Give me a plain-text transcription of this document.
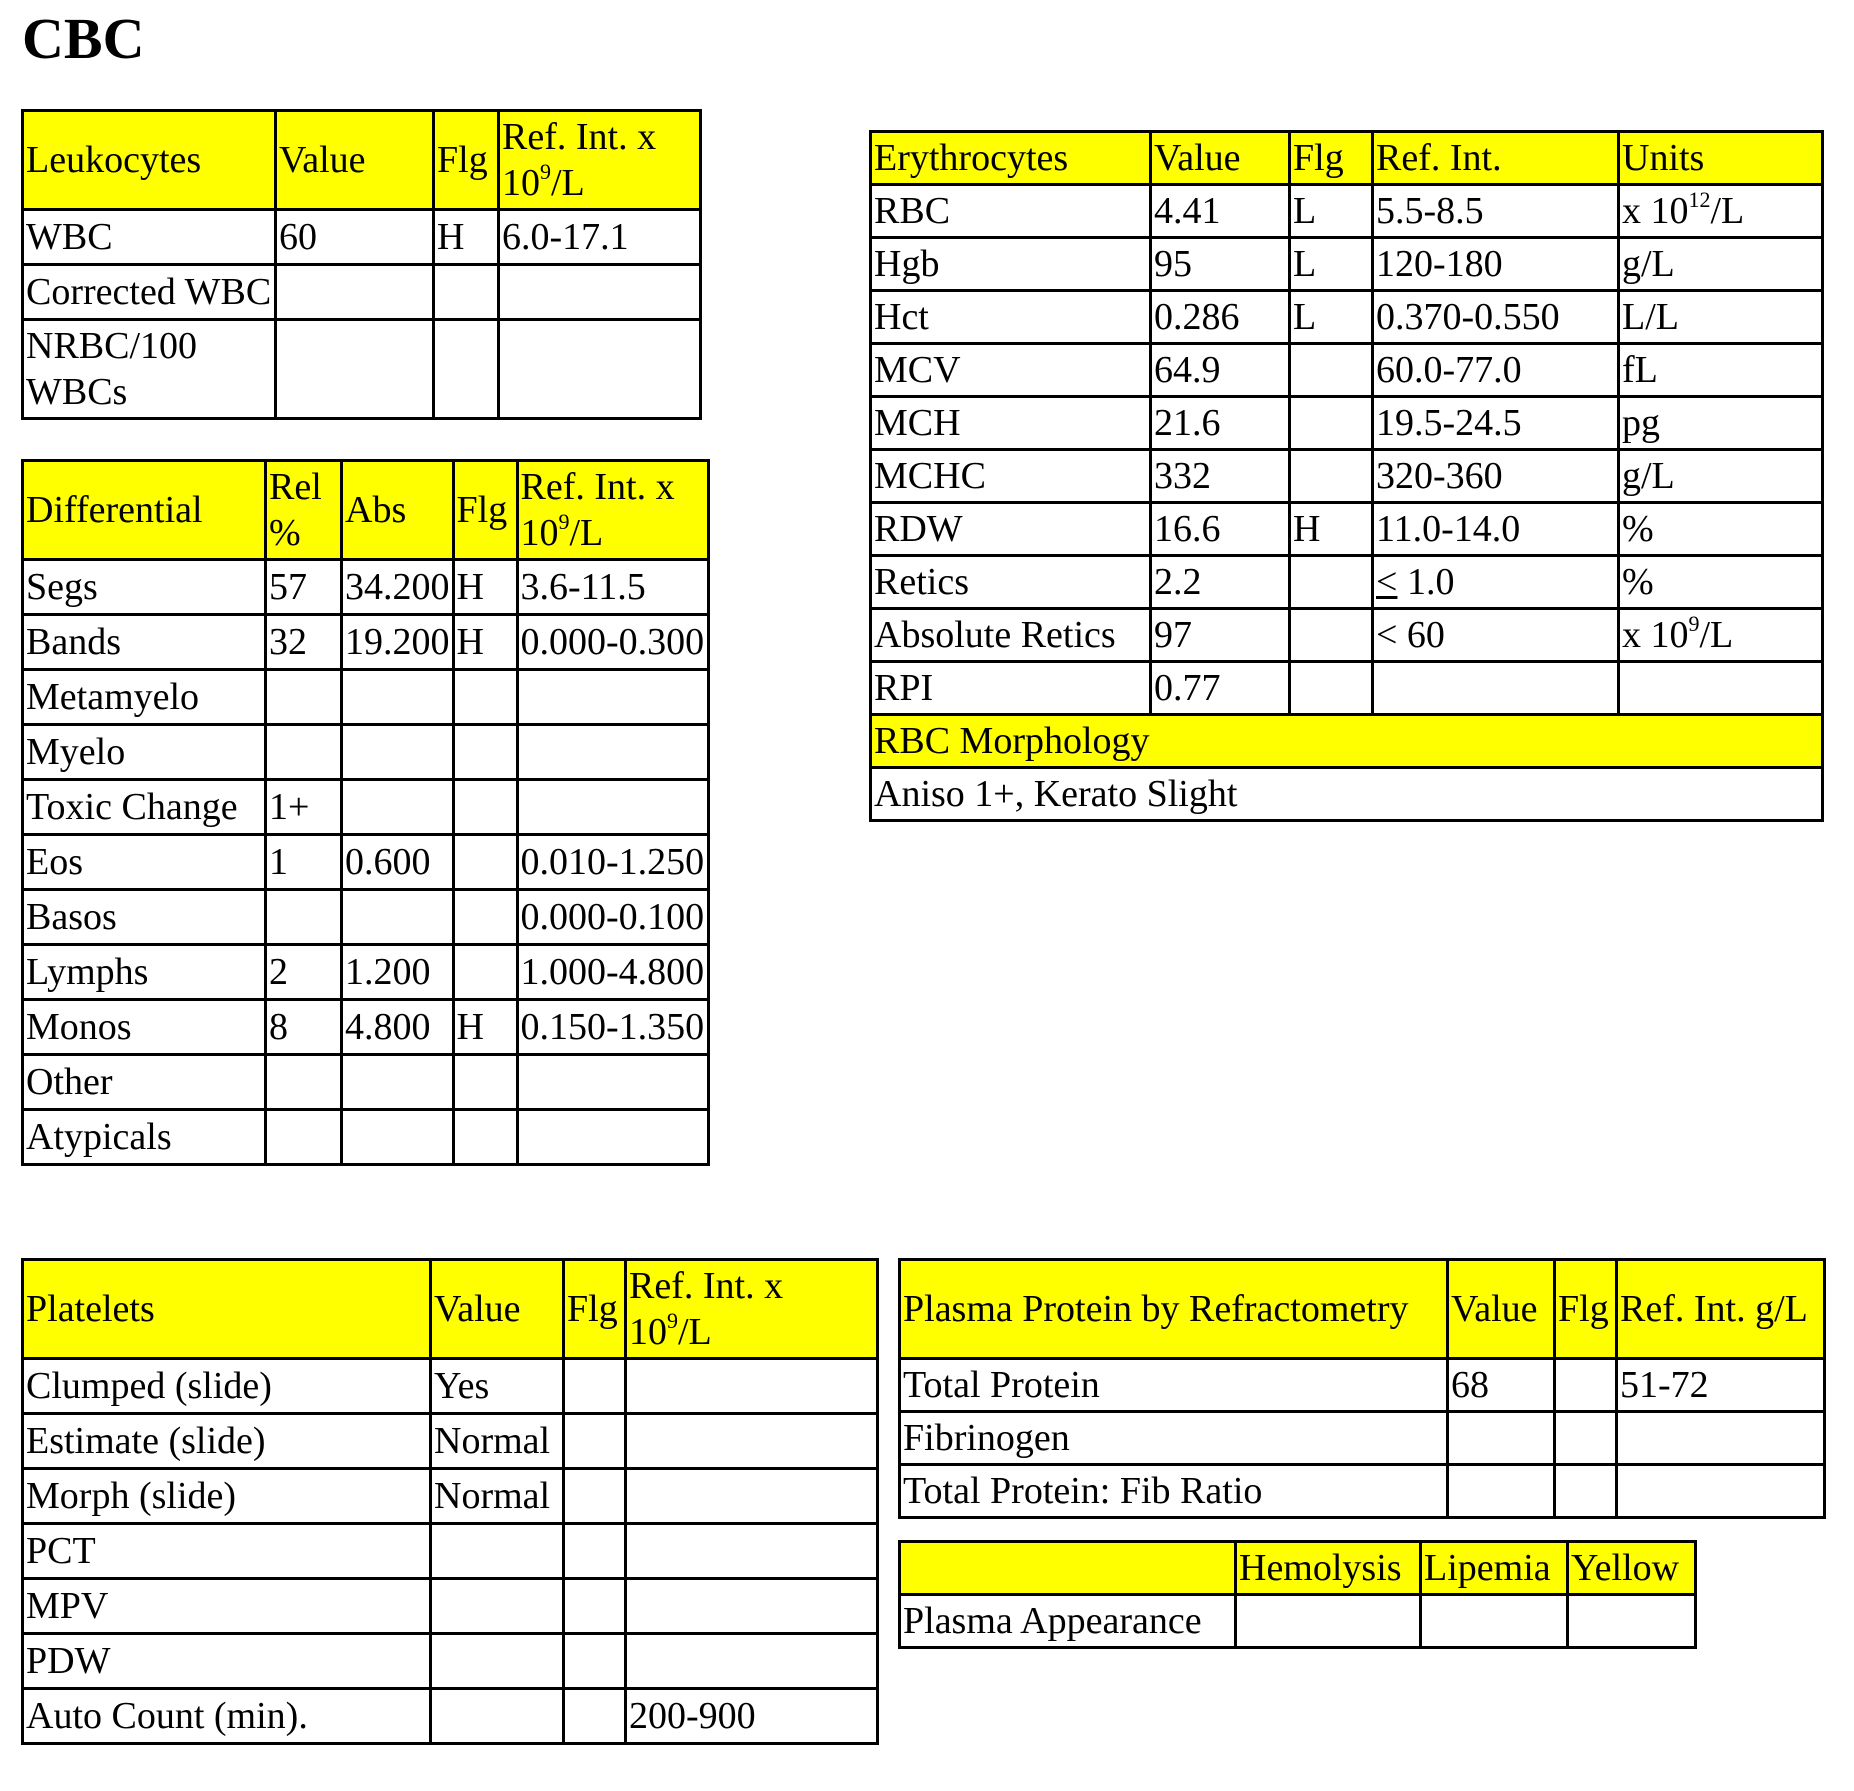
CBC
Leukocytes	Value	Flg	Ref. Int. x $10^9/L$
WBC	60	H	6.0-17.1
Corrected WBC			
NRBC/100 WBCs			
Differential	Rel %	Abs	Flg	Ref. Int. x $10^9/L$
Segs	57	34.200	H	3.6-11.5
Bands	32	19.200	H	0.000-0.300
Metamyelo				
Myelo				
Toxic Change	1+			
Eos	1	0.600		0.010-1.250
Basos				0.000-0.100
Lymphs	2	1.200		1.000-4.800
Monos	8	4.800	H	0.150-1.350
Other				
Atypicals				
Erythrocytes	Value	Flg	Ref. Int.	Units
RBC	4.41	L	5.5-8.5	x $10^{12}/L$
Hgb	95	L	120-180	g/L
Hct	0.286	L	0.370-0.550	L/L
MCV	64.9		60.0-77.0	fL
MCH	21.6		19.5-24.5	pg
MCHC	332		320-360	g/L
RDW	16.6	H	11.0-14.0	%
Retics	2.2		≤ 1.0	%
Absolute Retics	97		< 60	x $10^9/L$
RPI	0.77			
RBC Morphology				
Aniso 1+, Kerato Slight				
Platelets	Value	Flg	Ref. Int. x $10^9/L$
Clumped (slide)	Yes		
Estimate (slide)	Normal		
Morph (slide)	Normal		
PCT			
MPV			
PDW			
Auto Count (min).			200-900
Plasma Protein by Refractometry	Value	Flg	Ref. Int. g/L
Total Protein	68		51-72
Fibrinogen			
Total Protein: Fib Ratio			
	Hemolysis	Lipemia	Yellow
Plasma Appearance			
